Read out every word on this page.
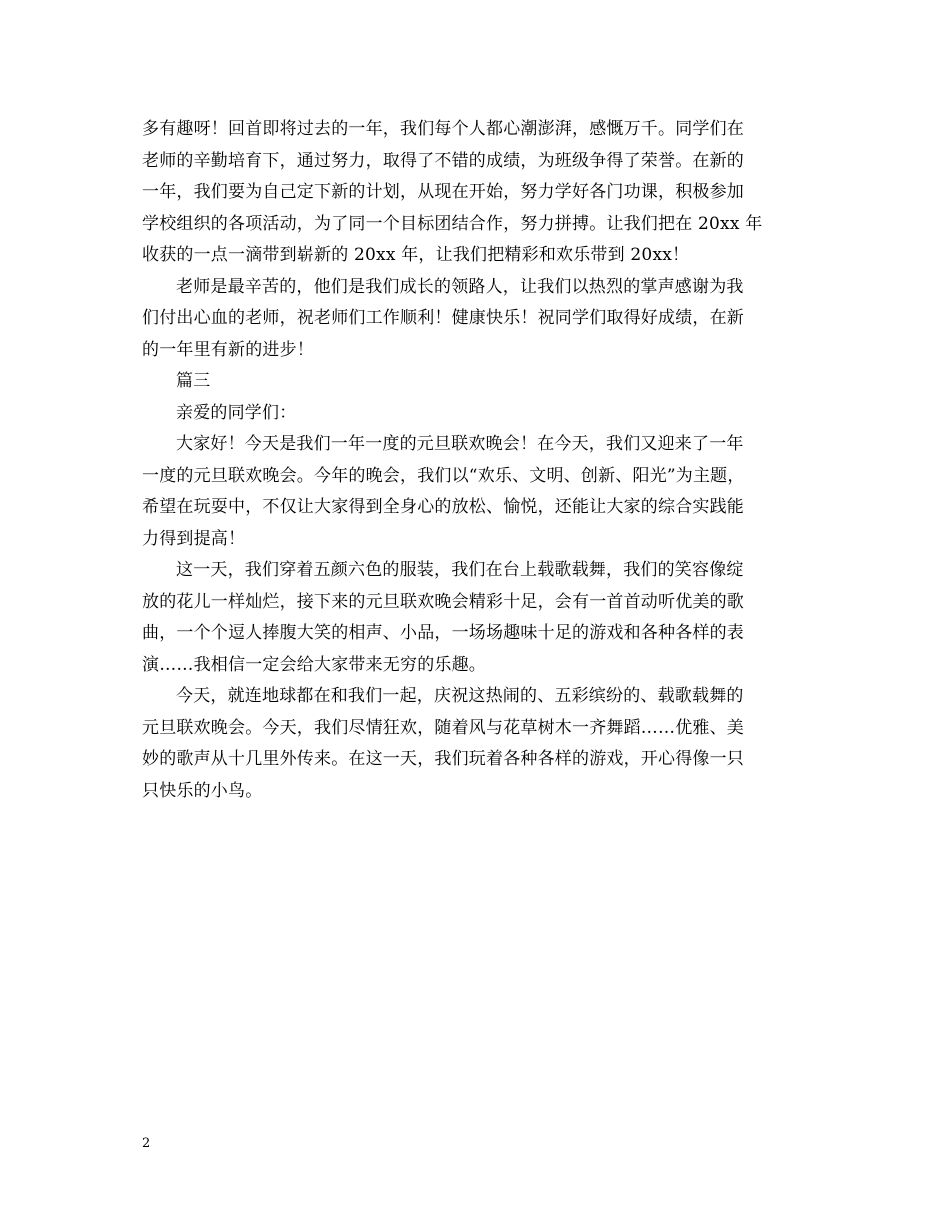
多有趣呀！回首即将过去的一年，我们每个人都心潮澎湃，感慨万千。同学们在
老师的辛勤培育下，通过努力，取得了不错的成绩，为班级争得了荣誉。在新的
一年，我们要为自己定下新的计划，从现在开始，努力学好各门功课，积极参加
学校组织的各项活动，为了同一个目标团结合作，努力拼搏。让我们把在 20xx 年
收获的一点一滴带到崭新的 20xx 年，让我们把精彩和欢乐带到 20xx！
老师是最辛苦的，他们是我们成长的领路人，让我们以热烈的掌声感谢为我
们付出心血的老师，祝老师们工作顺利！健康快乐！祝同学们取得好成绩，在新
的一年里有新的进步！
篇三
亲爱的同学们：
大家好！今天是我们一年一度的元旦联欢晚会！在今天，我们又迎来了一年
一度的元旦联欢晚会。今年的晚会，我们以“欢乐、文明、创新、阳光”为主题，
希望在玩耍中，不仅让大家得到全身心的放松、愉悦，还能让大家的综合实践能
力得到提高！
这一天，我们穿着五颜六色的服装，我们在台上载歌载舞，我们的笑容像绽
放的花儿一样灿烂，接下来的元旦联欢晚会精彩十足，会有一首首动听优美的歌
曲，一个个逗人捧腹大笑的相声、小品，一场场趣味十足的游戏和各种各样的表
演……我相信一定会给大家带来无穷的乐趣。
今天，就连地球都在和我们一起，庆祝这热闹的、五彩缤纷的、载歌载舞的
元旦联欢晚会。今天，我们尽情狂欢，随着风与花草树木一齐舞蹈……优雅、美
妙的歌声从十几里外传来。在这一天，我们玩着各种各样的游戏，开心得像一只
只快乐的小鸟。
2
